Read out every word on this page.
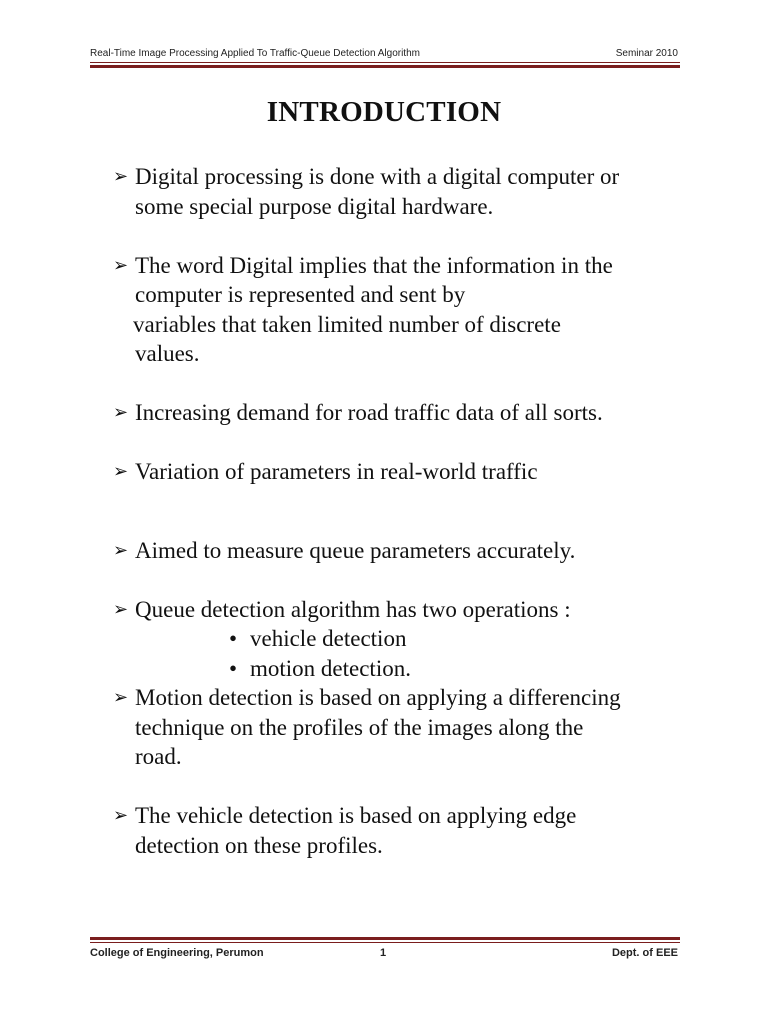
Real-Time Image Processing Applied To Traffic-Queue Detection Algorithm	Seminar 2010
INTRODUCTION
➢ Digital processing is done with a digital computer or
some special purpose digital hardware.
➢ The word Digital implies that the information in the
computer is represented and sent by
variables that taken limited number of discrete
values.
➢ Increasing demand for road traffic data of all sorts.
➢ Variation of parameters in real-world traffic
➢ Aimed to measure queue parameters accurately.
➢ Queue detection algorithm has two operations :
• vehicle detection
• motion detection.
➢ Motion detection is based on applying a differencing
technique on the profiles of the images along the
road.
➢ The vehicle detection is based on applying edge
detection on these profiles.
College of Engineering, Perumon	1	Dept. of EEE
